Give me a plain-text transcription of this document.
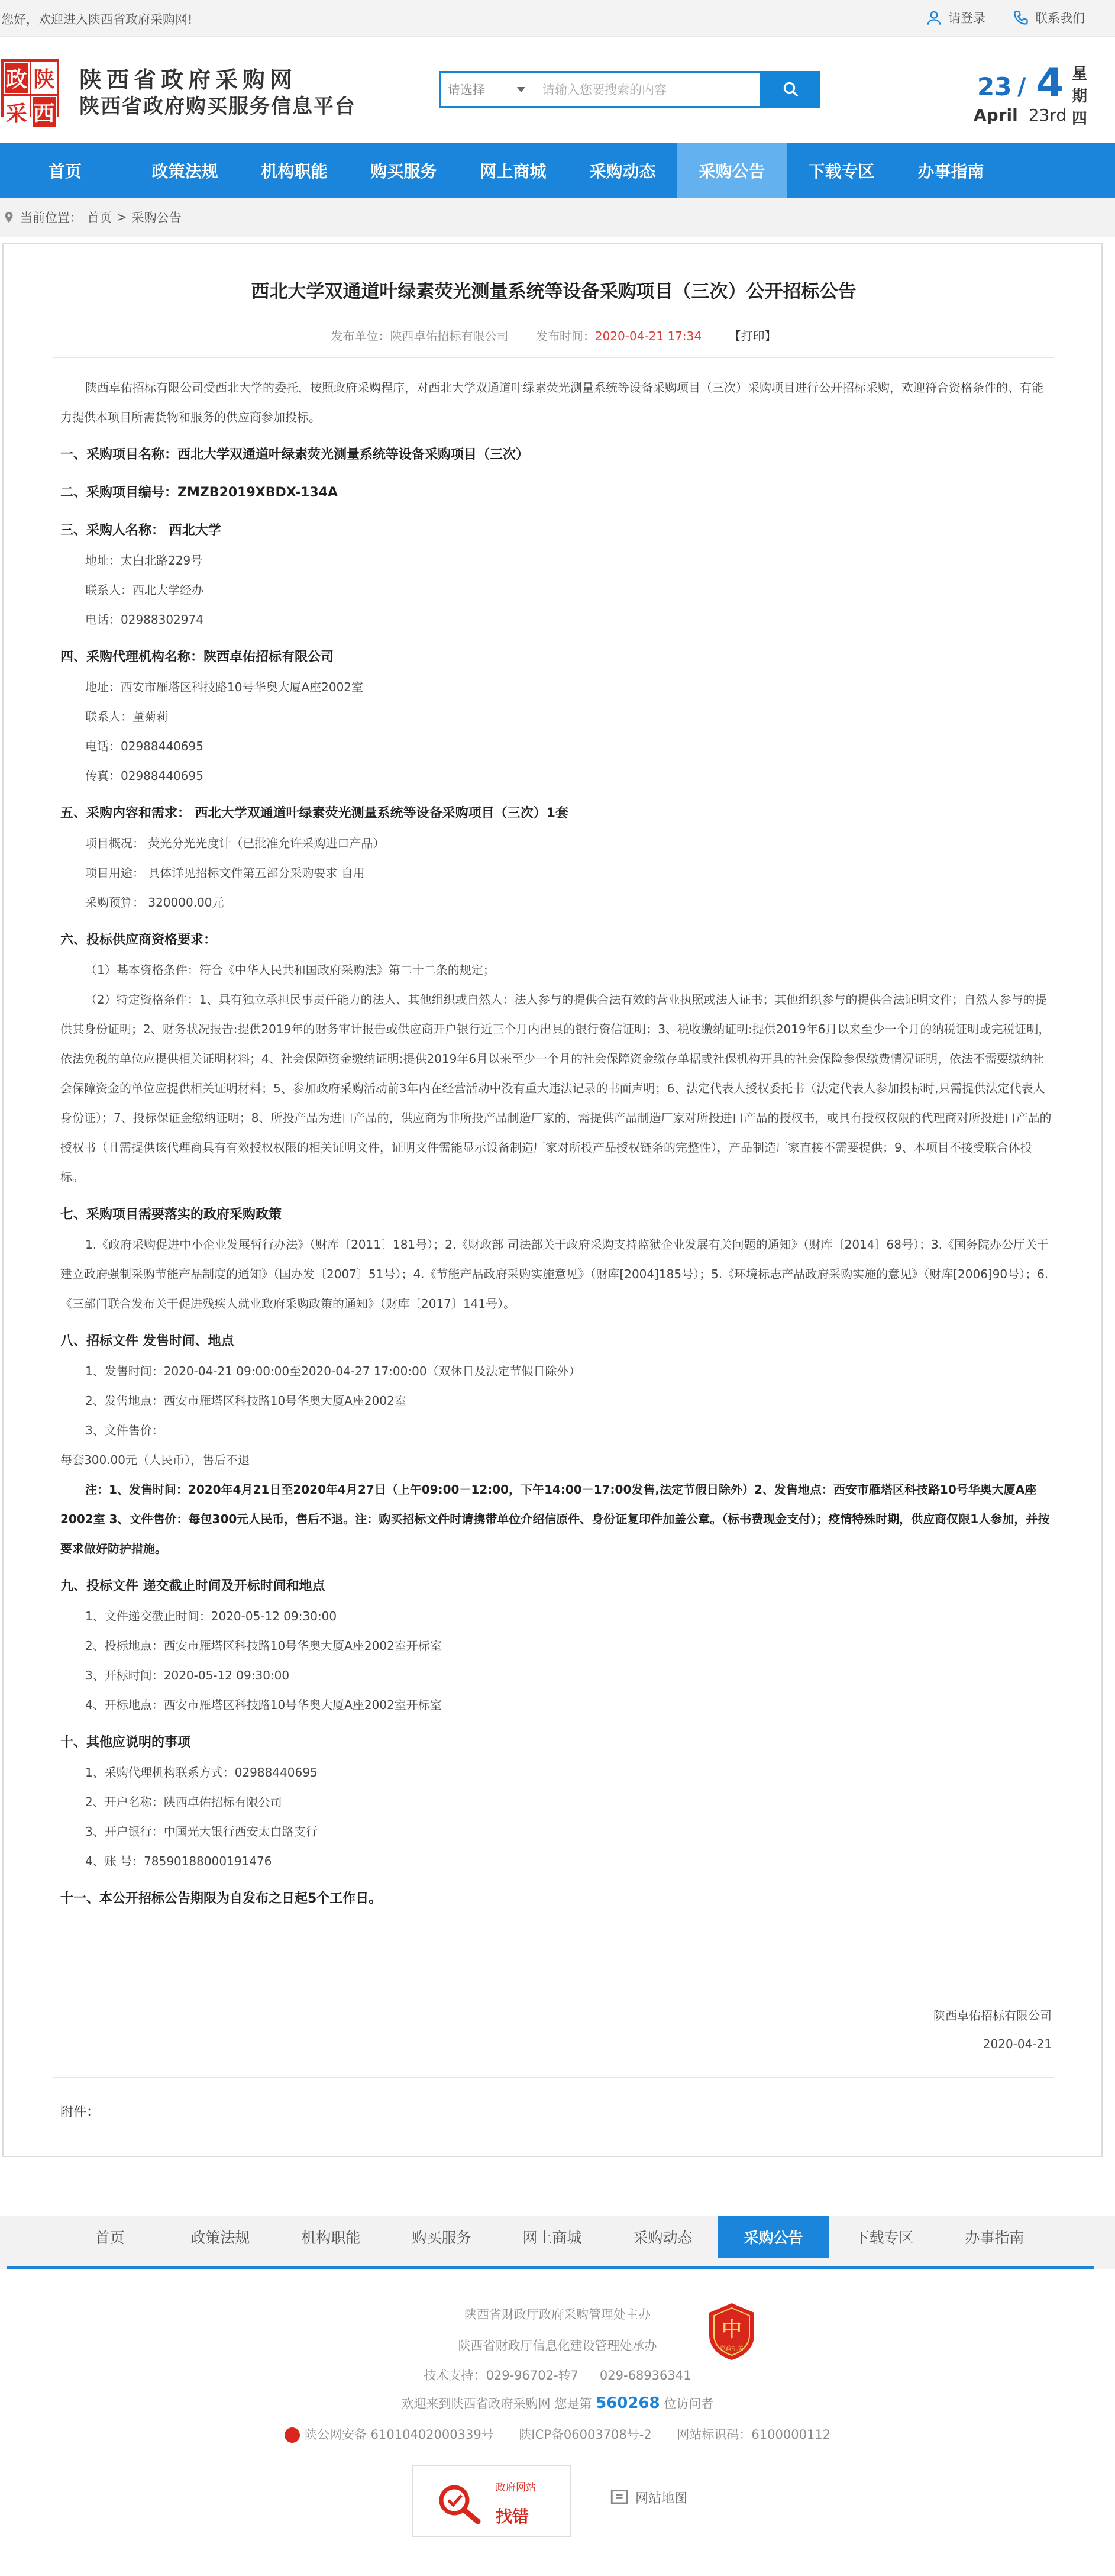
您好，欢迎进入陕西省政府采购网!	请登录	联系我们
政 陕
采 西
陕西省政府采购网
陕西省政府购买服务信息平台
请选择	请输入您要搜索的内容	23 / 4
April 23rd
星期四
首页	政策法规	机构职能	购买服务	网上商城	采购动态	采购公告	下载专区	办事指南
当前位置： 首页 > 采购公告
西北大学双通道叶绿素荧光测量系统等设备采购项目（三次）公开招标公告
发布单位：陕西卓佑招标有限公司 发布时间：2020-04-21 17:34 【打印】
陕西卓佑招标有限公司受西北大学的委托，按照政府采购程序，对西北大学双通道叶绿素荧光测量系统等设备采购项目（三次）采购项目进行公开招标采购，欢迎符合资格条件的、有能力提供本项目所需货物和服务的供应商参加投标。
一、采购项目名称：西北大学双通道叶绿素荧光测量系统等设备采购项目（三次）
二、采购项目编号：ZMZB2019XBDX-134A
三、采购人名称： 西北大学
地址：太白北路229号
联系人：西北大学经办
电话：02988302974
四、采购代理机构名称：陕西卓佑招标有限公司
地址：西安市雁塔区科技路10号华奥大厦A座2002室
联系人：董菊莉
电话：02988440695
传真：02988440695
五、采购内容和需求： 西北大学双通道叶绿素荧光测量系统等设备采购项目（三次）1套
项目概况： 荧光分光光度计（已批准允许采购进口产品）
项目用途： 具体详见招标文件第五部分采购要求 自用
采购预算： 320000.00元
六、投标供应商资格要求：
（1）基本资格条件：符合《中华人民共和国政府采购法》第二十二条的规定；
（2）特定资格条件：1、具有独立承担民事责任能力的法人、其他组织或自然人：法人参与的提供合法有效的营业执照或法人证书；其他组织参与的提供合法证明文件；自然人参与的提供其身份证明；2、财务状况报告:提供2019年的财务审计报告或供应商开户银行近三个月内出具的银行资信证明；3、税收缴纳证明:提供2019年6月以来至少一个月的纳税证明或完税证明，依法免税的单位应提供相关证明材料；4、社会保障资金缴纳证明:提供2019年6月以来至少一个月的社会保障资金缴存单据或社保机构开具的社会保险参保缴费情况证明，依法不需要缴纳社会保障资金的单位应提供相关证明材料；5、参加政府采购活动前3年内在经营活动中没有重大违法记录的书面声明；6、法定代表人授权委托书（法定代表人参加投标时,只需提供法定代表人身份证）；7、投标保证金缴纳证明；8、所投产品为进口产品的，供应商为非所投产品制造厂家的，需提供产品制造厂家对所投进口产品的授权书，或具有授权权限的代理商对所投进口产品的授权书（且需提供该代理商具有有效授权权限的相关证明文件，证明文件需能显示设备制造厂家对所投产品授权链条的完整性），产品制造厂家直接不需要提供；9、本项目不接受联合体投标。
七、采购项目需要落实的政府采购政策
1.《政府采购促进中小企业发展暂行办法》（财库〔2011〕181号）；2.《财政部 司法部关于政府采购支持监狱企业发展有关问题的通知》（财库〔2014〕68号）；3.《国务院办公厅关于建立政府强制采购节能产品制度的通知》（国办发〔2007〕51号）；4.《节能产品政府采购实施意见》（财库[2004]185号）；5.《环境标志产品政府采购实施的意见》（财库[2006]90号）；6.《三部门联合发布关于促进残疾人就业政府采购政策的通知》（财库〔2017〕141号）。
八、招标文件 发售时间、地点
1、发售时间：2020-04-21 09:00:00至2020-04-27 17:00:00（双休日及法定节假日除外）
2、发售地点：西安市雁塔区科技路10号华奥大厦A座2002室
3、文件售价：
每套300.00元（人民币），售后不退
注：1、发售时间：2020年4月21日至2020年4月27日（上午09:00－12:00，下午14:00－17:00发售,法定节假日除外）2、发售地点：西安市雁塔区科技路10号华奥大厦A座2002室 3、文件售价：每包300元人民币，售后不退。注：购买招标文件时请携带单位介绍信原件、身份证复印件加盖公章。（标书费现金支付）；疫情特殊时期，供应商仅限1人参加，并按要求做好防护措施。
九、投标文件 递交截止时间及开标时间和地点
1、文件递交截止时间：2020-05-12 09:30:00
2、投标地点：西安市雁塔区科技路10号华奥大厦A座2002室开标室
3、开标时间：2020-05-12 09:30:00
4、开标地点：西安市雁塔区科技路10号华奥大厦A座2002室开标室
十、其他应说明的事项
1、采购代理机构联系方式：02988440695
2、开户名称：陕西卓佑招标有限公司
3、开户银行：中国光大银行西安太白路支行
4、账 号：78590188000191476
十一、本公开招标公告期限为自发布之日起5个工作日。
陕西卓佑招标有限公司
2020-04-21
附件：
首页	政策法规	机构职能	购买服务	网上商城	采购动态	采购公告	下载专区	办事指南
陕西省财政厅政府采购管理处主办
陕西省财政厅信息化建设管理处承办
技术支持：029-96702-转7 029-68936341
欢迎来到陕西省政府采购网 您是第 560268 位访问者
陕公网安备 61010402000339号 陕ICP备06003708号-2 网站标识码：6100000112
中
党政机关
政府网站
找错
网站地图
